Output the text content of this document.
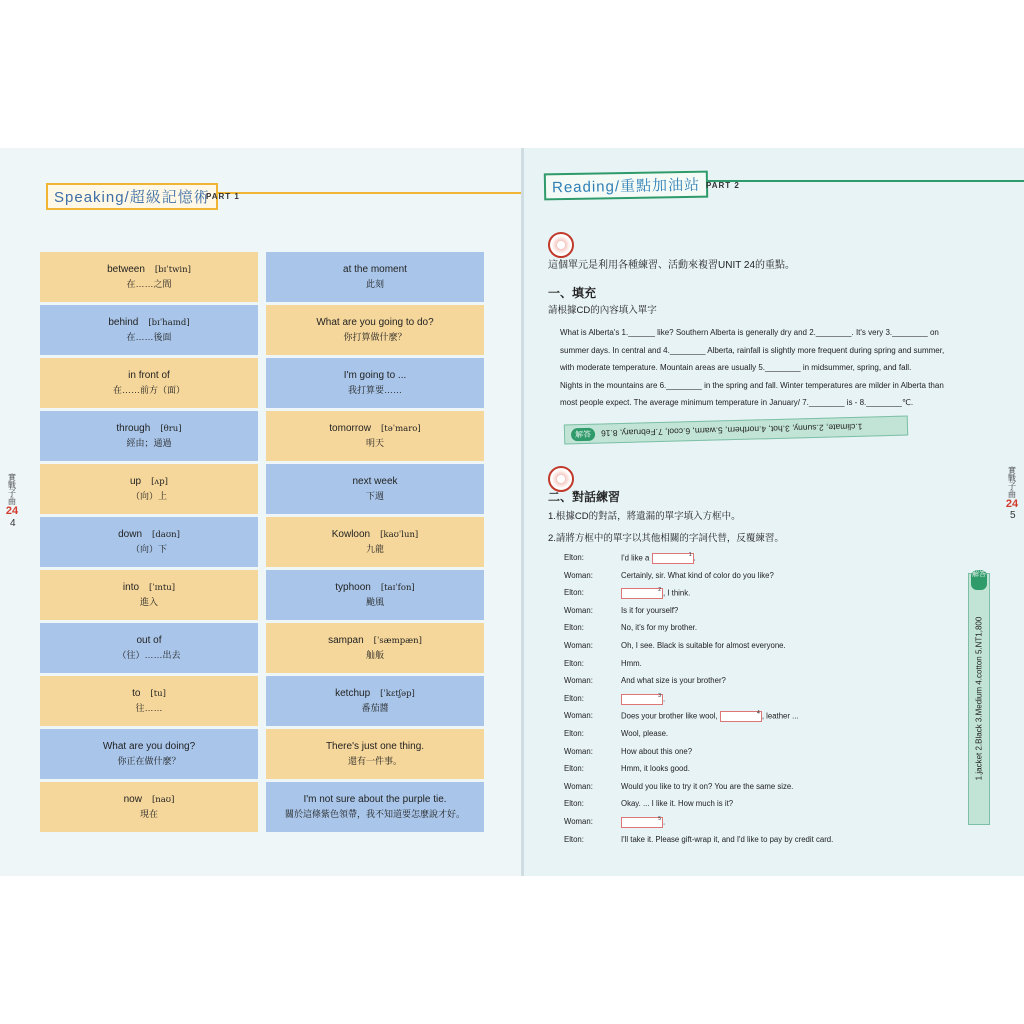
Speaking/超級記憶術
PART 1
實戰子曲
24
4
between [bɪˈtwin]
在……之間
at the moment
此刻
behind [bɪˈhaɪnd]
在……後面
What are you going to do?
你打算做什麼？
in front of
在……前方（面）
I'm going to ...
我打算要……
through [θru]
經由；通過
tomorrow [təˈmaro]
明天
up [ʌp]
（向）上
next week
下週
down [daʊn]
（向）下
Kowloon [kaʊˈlun]
九龍
into [ˈɪntu]
進入
typhoon [taɪˈfon]
颱風
out of
（往）……出去
sampan [ˈsæmpæn]
舢舨
to [tu]
往……
ketchup [ˈkɛtʃəp]
番茄醬
What are you doing?
你正在做什麼？
There's just one thing.
還有一件事。
now [naʊ]
現在
I'm not sure about the purple tie.
關於這條紫色領帶，我不知道要怎麼說才好。
Reading/重點加油站 PART 2
實戰子曲
24
5
這個單元是利用各種練習、活動來複習UNIT 24的重點。
一、填充
請根據CD的內容填入單字
What is Alberta's 1.______ like? Southern Alberta is generally dry and 2.________. It's very 3.________ on
summer days. In central and 4.________ Alberta, rainfall is slightly more frequent during spring and summer,
with moderate temperature. Mountain areas are usually 5.________ in midsummer, spring, and fall.
Nights in the mountains are 6.________ in the spring and fall. Winter temperatures are milder in Alberta than
most people expect. The average minimum temperature in January/ 7.________ is - 8.________℃.
解答	1.climate, 2.sunny, 3.hot, 4.northern, 5.warm, 6.cool, 7.February, 8.16
二、對話練習
1.根據CD的對話，將遺漏的單字填入方框中。
2.請將方框中的單字以其他相關的字詞代替，反覆練習。
Elton:	I'd like a	1 .
Woman:	Certainly, sir. What kind of color do you like?
Elton:	2 , I think.
Woman:	Is it for yourself?
Elton:	No, it's for my brother.
Woman:	Oh, I see. Black is suitable for almost everyone.
Elton:	Hmm.
Woman:	And what size is your brother?
Elton:	3 .
Woman:	Does your brother like wool,	4 , leather ...
Elton:	Wool, please.
Woman:	How about this one?
Elton:	Hmm, it looks good.
Woman:	Would you like to try it on? You are the same size.
Elton:	Okay. ... I like it. How much is it?
Woman:	5 .
Elton:	I'll take it. Please gift-wrap it, and I'd like to pay by credit card.
解答
1.jacket 2.Black 3.Medium 4.cotton 5.NT1,800
